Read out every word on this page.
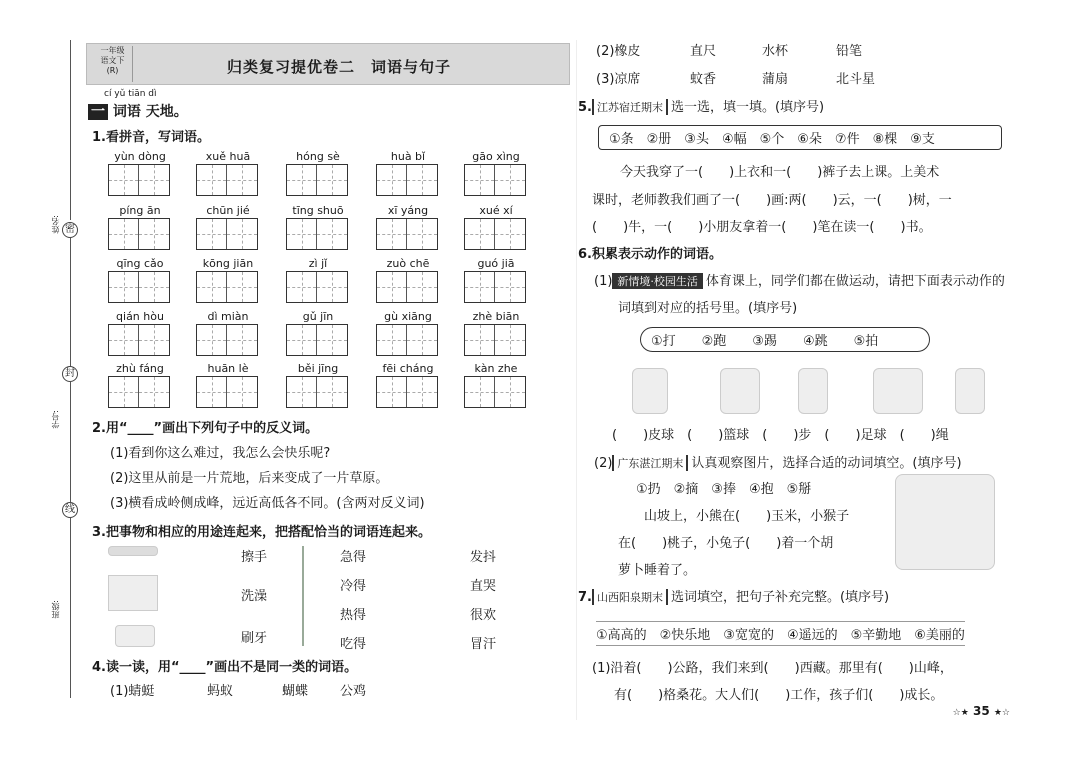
姓名: 密
封
学号:
线
班级:
一年级
语文下
(R)	归类复习提优卷二　词语与句子
cí yǔ tiān dì
一 词语 天地。
1.看拼音，写词语。
yùn dòng	xuě huā	hóng sè	huà bǐ	gāo xìng
píng ān	chūn jié	tīng shuō	xī yáng	xué xí
qīng cǎo	kōng jiān	zì jǐ	zuò chē	guó jiā
qián hòu	dì miàn	gǔ jīn	gù xiāng	zhè biān
zhù fáng	huān lè	běi jīng	fēi cháng	kàn zhe
2.用“____”画出下列句子中的反义词。
(1)看到你这么难过，我怎么会快乐呢?
(2)这里从前是一片荒地，后来变成了一片草原。
(3)横看成岭侧成峰，远近高低各不同。(含两对反义词)
3.把事物和相应的用途连起来，把搭配恰当的词语连起来。
擦手
洗澡
刷牙
急得
冷得
热得
吃得
发抖
直哭
很欢
冒汗
4.读一读，用“____”画出不是同一类的词语。
(1)蜻蜓	蚂蚁	蝴蝶 公鸡
(2)橡皮	直尺	水杯	铅笔
(3)凉席	蚊香	蒲扇	北斗星
5. 江苏宿迁期末 选一选，填一填。(填序号)
①条　②册　③头　④幅　⑤个　⑥朵　⑦件　⑧棵　⑨支
今天我穿了一(　　)上衣和一(　　)裤子去上课。上美术
课时，老师教我们画了一(　　)画:两(　　)云，一(　　)树，一
(　　)牛，一(　　)小朋友拿着一(　　)笔在读一(　　)书。
6.积累表示动作的词语。
(1) 新情境·校园生活 体育课上，同学们都在做运动，请把下面表示动作的
词填到对应的括号里。(填序号)
①打　　②跑　　③踢　　④跳　　⑤拍
(　　)皮球　(　　)篮球　(　　)步　(　　)足球　(　　)绳
(2) 广东湛江期末 认真观察图片，选择合适的动词填空。(填序号)
①扔　②摘　③捧　④抱　⑤掰
山坡上，小熊在(　　)玉米，小猴子
在(　　)桃子，小兔子(　　)着一个胡
萝卜睡着了。
7. 山西阳泉期末 选词填空，把句子补充完整。(填序号)
①高高的　②快乐地　③宽宽的　④遥远的　⑤辛勤地　⑥美丽的
(1)沿着(　　)公路，我们来到(　　)西藏。那里有(　　)山峰，
有(　　)格桑花。大人们(　　)工作，孩子们(　　)成长。
☆★ 35 ★☆
